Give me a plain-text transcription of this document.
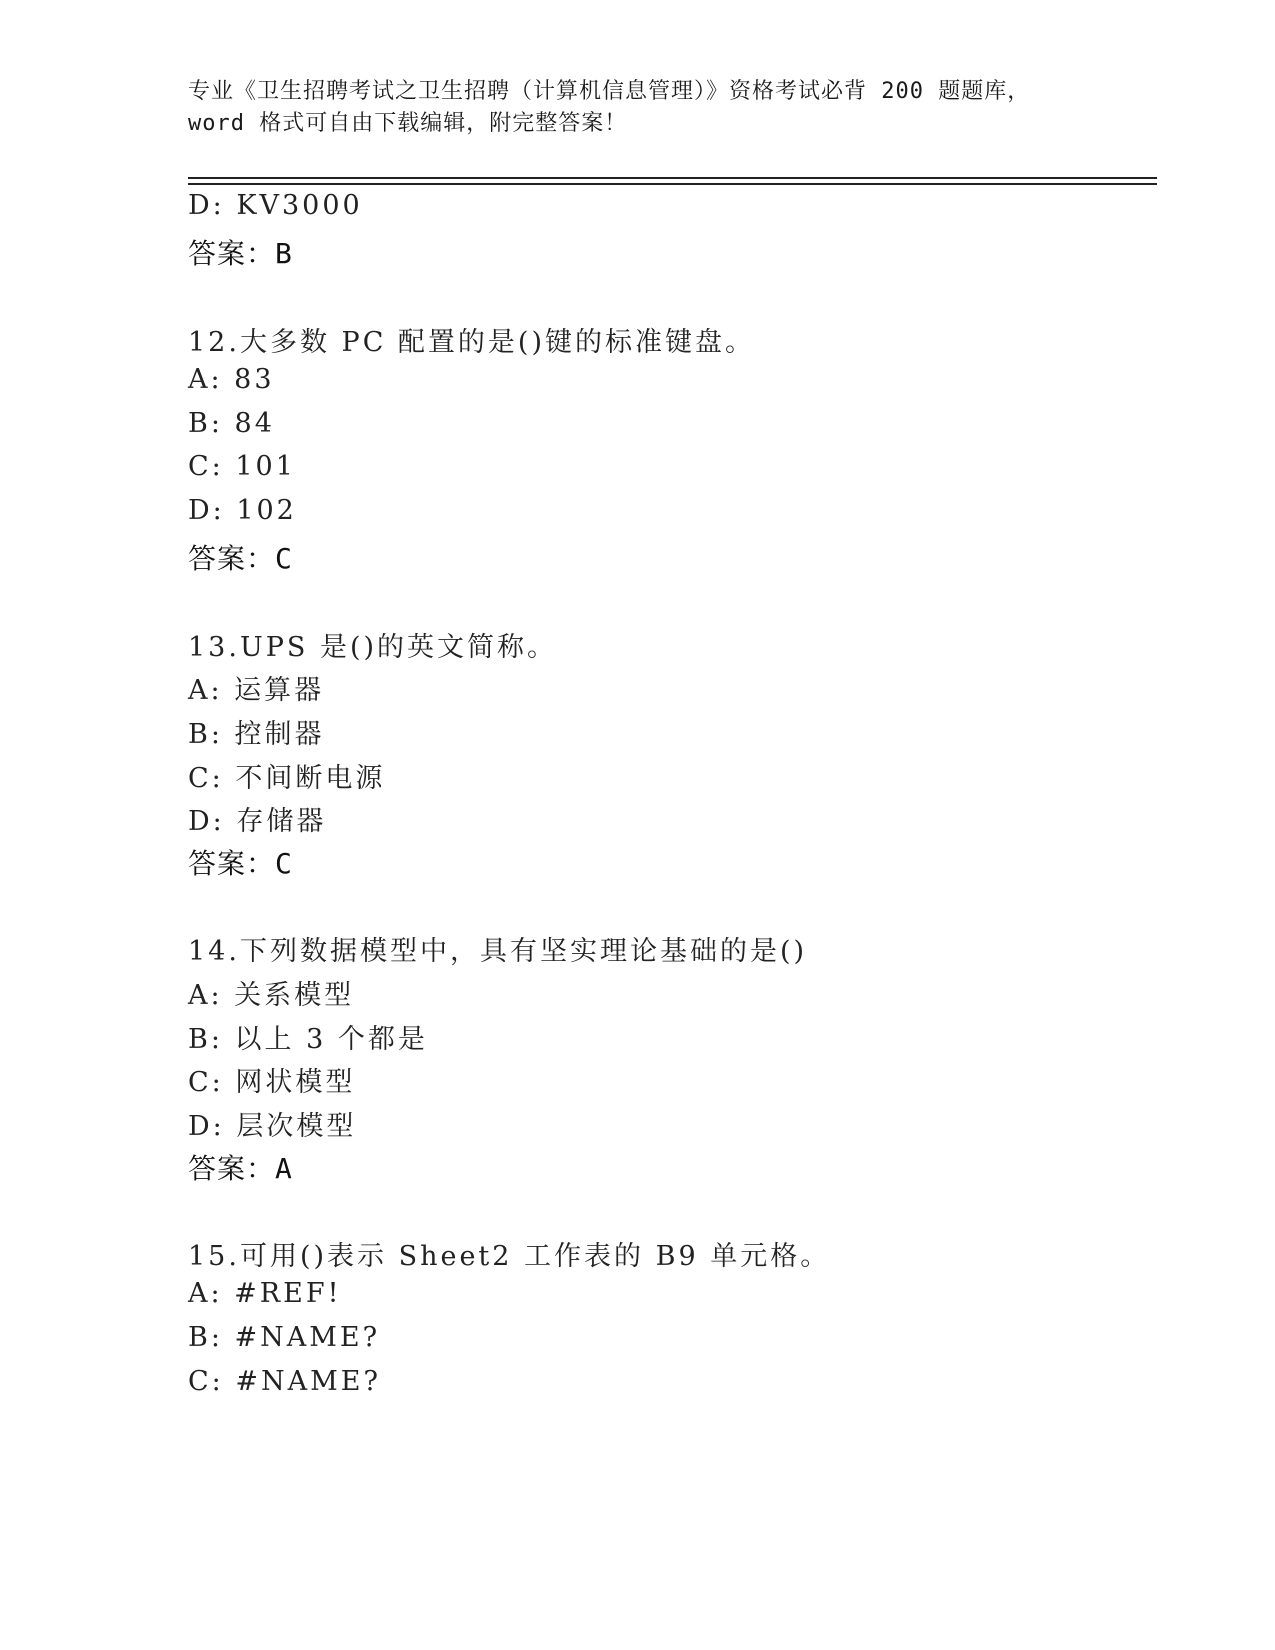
专业《卫生招聘考试之卫生招聘（计算机信息管理）》资格考试必背 200 题题库，
word 格式可自由下载编辑，附完整答案！
D: KV3000
答案：B
12.大多数 PC 配置的是()键的标准键盘。
A: 83
B: 84
C: 101
D: 102
答案：C
13.UPS 是()的英文简称。
A: 运算器
B: 控制器
C: 不间断电源
D: 存储器
答案：C
14.下列数据模型中，具有坚实理论基础的是()
A: 关系模型
B: 以上 3 个都是
C: 网状模型
D: 层次模型
答案：A
15.可用()表示 Sheet2 工作表的 B9 单元格。
A: #REF!
B: #NAME?
C: #NAME?
